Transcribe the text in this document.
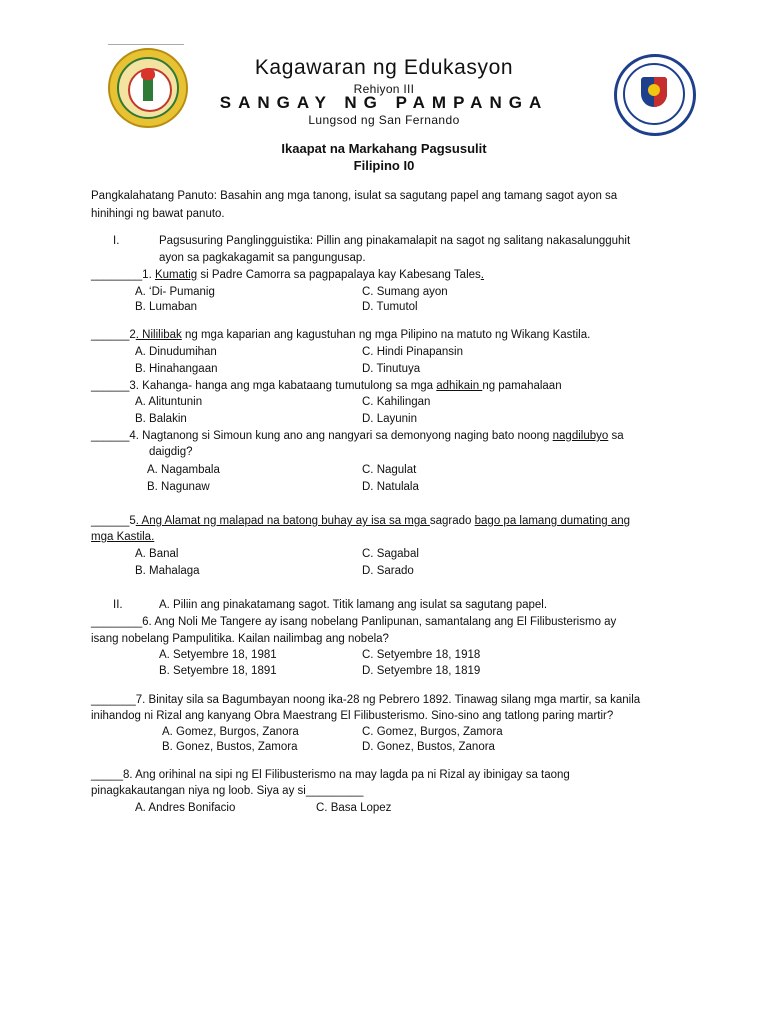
Kagawaran ng Edukasyon
Rehiyon III
SANGAY NG PAMPANGA
Lungsod ng San Fernando
Ikaapat na Markahang Pagsusulit
Filipino I0
Pangkalahatang Panuto: Basahin ang mga tanong, isulat sa sagutang papel ang tamang sagot ayon sa
hinihingi ng bawat panuto.
I.	Pagsusuring Panglingguistika: Pillin ang pinakamalapit na sagot ng salitang nakasalungguhit
ayon sa pagkakagamit sa pangungusap.
________1. Kumatig si Padre Camorra sa pagpapalaya kay Kabesang Tales.
A. ‘Di- Pumanig
B. Lumaban
C. Sumang ayon
D. Tumutol
______2. Nililibak ng mga kaparian ang kagustuhan ng mga Pilipino na matuto ng Wikang Kastila.
A. Dinudumihan
B. Hinahangaan
C. Hindi Pinapansin
D. Tinutuya
______3. Kahanga- hanga ang mga kabataang tumutulong sa mga adhikain ng pamahalaan
A. Alituntunin
B. Balakin
C. Kahilingan
D. Layunin
______4. Nagtanong si Simoun kung ano ang nangyari sa demonyong naging bato noong nagdilubyo sa
daigdig?
A. Nagambala
B. Nagunaw
C. Nagulat
D. Natulala
______5. Ang Alamat ng malapad na batong buhay ay isa sa mga sagrado bago pa lamang dumating ang
mga Kastila.
A. Banal
B. Mahalaga
C. Sagabal
D. Sarado
II.	A. Piliin ang pinakatamang sagot. Titik lamang ang isulat sa sagutang papel.
________6. Ang Noli Me Tangere ay isang nobelang Panlipunan, samantalang ang El Filibusterismo ay
isang nobelang Pampulitika. Kailan nailimbag ang nobela?
A. Setyembre 18, 1981
B. Setyembre 18, 1891
C. Setyembre 18, 1918
D. Setyembre 18, 1819
_______7. Binitay sila sa Bagumbayan noong ika-28 ng Pebrero 1892. Tinawag silang mga martir, sa kanila
inihandog ni Rizal ang kanyang Obra Maestrang El Filibusterismo. Sino-sino ang tatlong paring martir?
A. Gomez, Burgos, Zanora
B. Gonez, Bustos, Zamora
C. Gomez, Burgos, Zamora
D. Gonez, Bustos, Zanora
_____8. Ang orihinal na sipi ng El Filibusterismo na may lagda pa ni Rizal ay ibinigay sa taong
pinagkakautangan niya ng loob. Siya ay si_________
A. Andres Bonifacio	C. Basa Lopez
